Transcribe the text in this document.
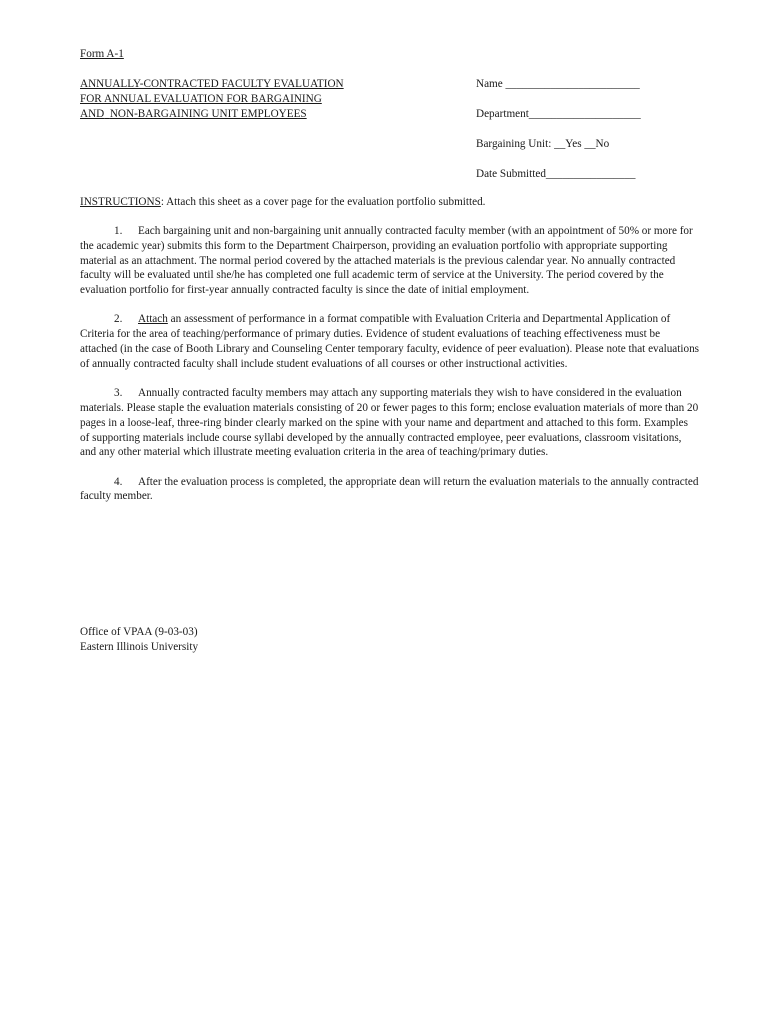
Form A-1
ANNUALLY-CONTRACTED FACULTY EVALUATION
FOR ANNUAL EVALUATION FOR BARGAINING
AND NON-BARGAINING UNIT EMPLOYEES
Name ________________________
Department____________________
Bargaining Unit: __Yes __No
Date Submitted________________
INSTRUCTIONS: Attach this sheet as a cover page for the evaluation portfolio submitted.

1. Each bargaining unit and non-bargaining unit annually contracted faculty member (with an appointment of 50% or more for the academic year) submits this form to the Department Chairperson, providing an evaluation portfolio with appropriate supporting material as an attachment. The normal period covered by the attached materials is the previous calendar year. No annually contracted faculty will be evaluated until she/he has completed one full academic term of service at the University. The period covered by the evaluation portfolio for first-year annually contracted faculty is since the date of initial employment.

2. Attach an assessment of performance in a format compatible with Evaluation Criteria and Departmental Application of Criteria for the area of teaching/performance of primary duties. Evidence of student evaluations of teaching effectiveness must be attached (in the case of Booth Library and Counseling Center temporary faculty, evidence of peer evaluation). Please note that evaluations of annually contracted faculty shall include student evaluations of all courses or other instructional activities.

3. Annually contracted faculty members may attach any supporting materials they wish to have considered in the evaluation materials. Please staple the evaluation materials consisting of 20 or fewer pages to this form; enclose evaluation materials of more than 20 pages in a loose-leaf, three-ring binder clearly marked on the spine with your name and department and attached to this form. Examples of supporting materials include course syllabi developed by the annually contracted employee, peer evaluations, classroom visitations, and any other material which illustrate meeting evaluation criteria in the area of teaching/primary duties.

4. After the evaluation process is completed, the appropriate dean will return the evaluation materials to the annually contracted faculty member.

Office of VPAA (9-03-03)
Eastern Illinois University
